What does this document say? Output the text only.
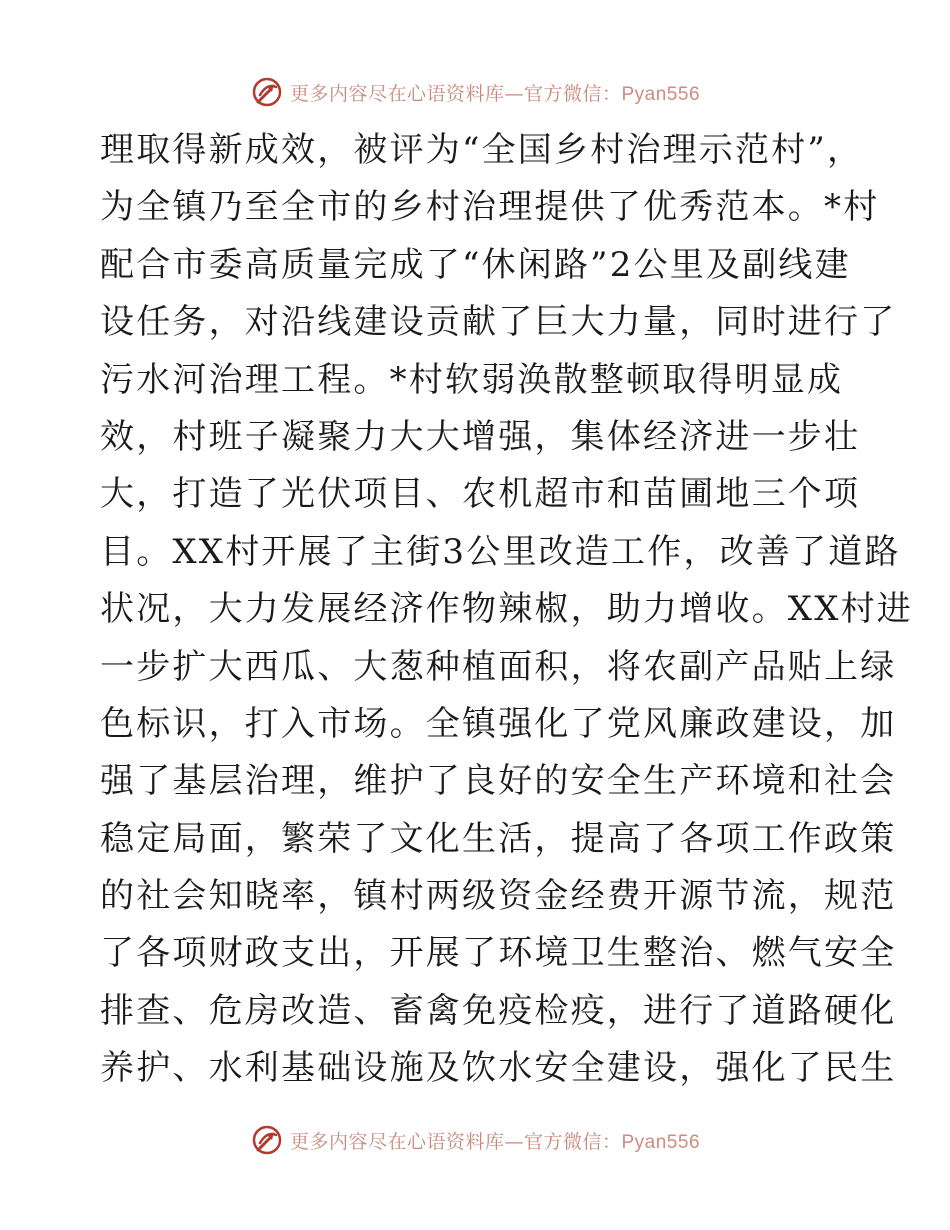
更多内容尽在心语资料库—官方微信：Pyan556
理取得新成效，被评为“全国乡村治理示范村”，
为全镇乃至全市的乡村治理提供了优秀范本。*村
配合市委高质量完成了“休闲路”2公里及副线建
设任务，对沿线建设贡献了巨大力量，同时进行了
污水河治理工程。*村软弱涣散整顿取得明显成
效，村班子凝聚力大大增强，集体经济进一步壮
大，打造了光伏项目、农机超市和苗圃地三个项
目。XX村开展了主街3公里改造工作，改善了道路
状况，大力发展经济作物辣椒，助力增收。XX村进
一步扩大西瓜、大葱种植面积，将农副产品贴上绿
色标识，打入市场。全镇强化了党风廉政建设，加
强了基层治理，维护了良好的安全生产环境和社会
稳定局面，繁荣了文化生活，提高了各项工作政策
的社会知晓率，镇村两级资金经费开源节流，规范
了各项财政支出，开展了环境卫生整治、燃气安全
排查、危房改造、畜禽免疫检疫，进行了道路硬化
养护、水利基础设施及饮水安全建设，强化了民生
更多内容尽在心语资料库—官方微信：Pyan556
